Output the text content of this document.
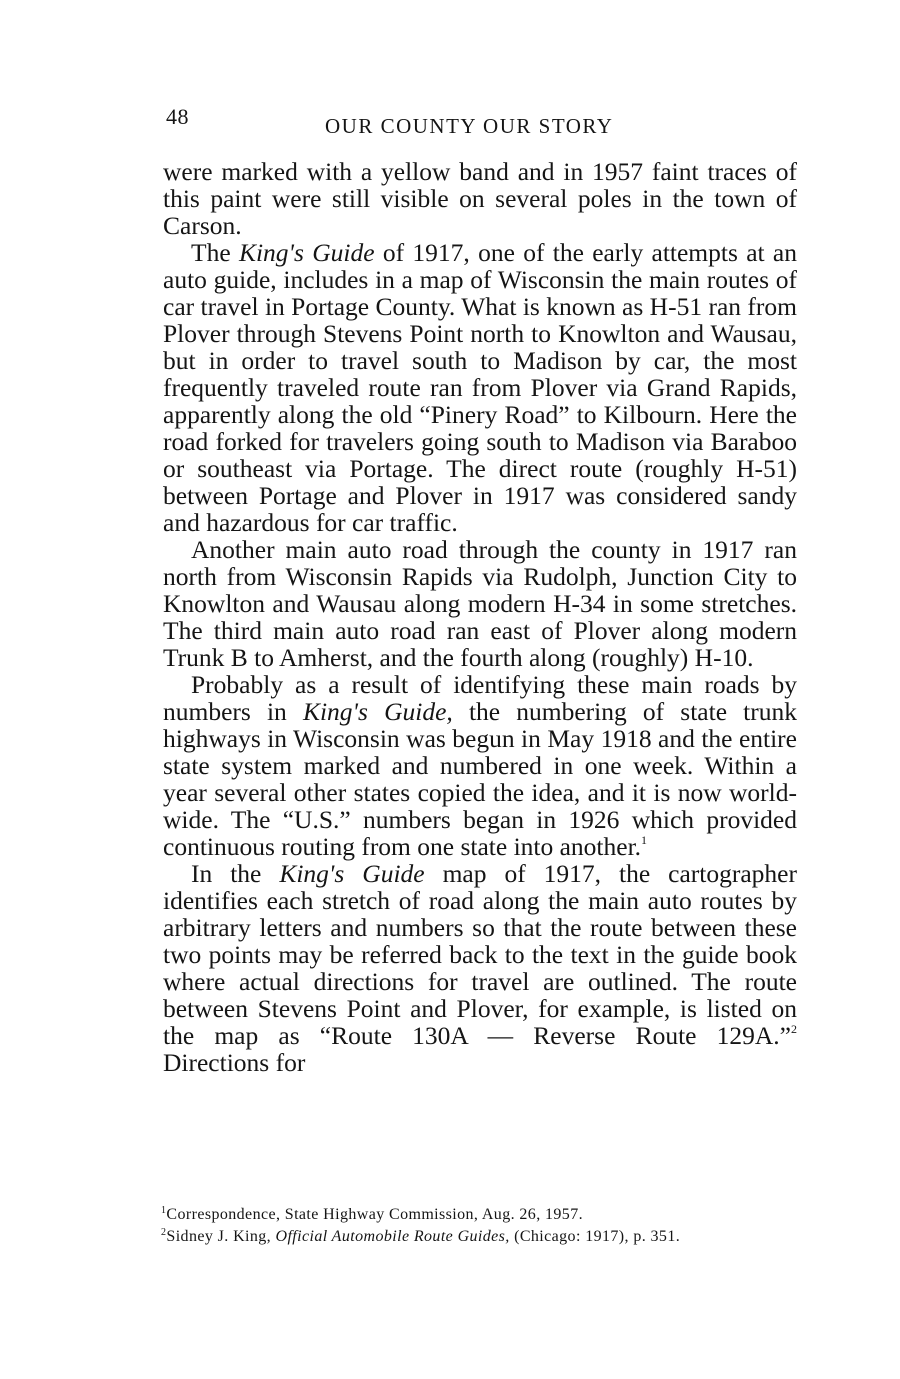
48	OUR COUNTY OUR STORY

were marked with a yellow band and in 1957 faint traces of this paint were still visible on several poles in the town of Carson.

The King's Guide of 1917, one of the early attempts at an auto guide, includes in a map of Wisconsin the main routes of car travel in Portage County. What is known as H-51 ran from Plover through Stevens Point north to Knowlton and Wausau, but in order to travel south to Madison by car, the most frequently traveled route ran from Plover via Grand Rapids, apparently along the old “Pinery Road” to Kilbourn. Here the road forked for travelers going south to Madison via Baraboo or southeast via Portage. The direct route (roughly H-51) between Portage and Plover in 1917 was considered sandy and hazardous for car traffic.

Another main auto road through the county in 1917 ran north from Wisconsin Rapids via Rudolph, Junction City to Knowlton and Wausau along modern H-34 in some stretches. The third main auto road ran east of Plover along modern Trunk B to Amherst, and the fourth along (roughly) H-10.

Probably as a result of identifying these main roads by numbers in King's Guide, the numbering of state trunk highways in Wisconsin was begun in May 1918 and the entire state system marked and numbered in one week. Within a year several other states copied the idea, and it is now world-wide. The “U.S.” numbers began in 1926 which provided continuous routing from one state into another.$^1$

In the King's Guide map of 1917, the cartographer identifies each stretch of road along the main auto routes by arbitrary letters and numbers so that the route between these two points may be referred back to the text in the guide book where actual directions for travel are outlined. The route between Stevens Point and Plover, for example, is listed on the map as “Route 130A — Reverse Route 129A.”$^2$ Directions for

$^1$Correspondence, State Highway Commission, Aug. 26, 1957.
$^2$Sidney J. King, Official Automobile Route Guides, (Chicago: 1917), p. 351.
